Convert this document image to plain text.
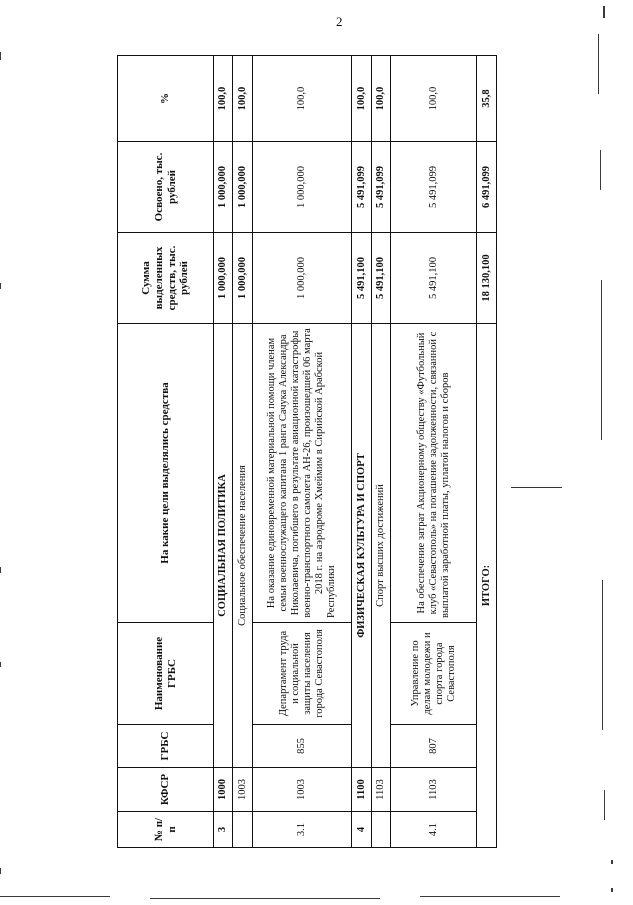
2
№ п/п	КФСР	ГРБС	Наименование ГРБС	На какие цели выделялись средства	Сумма выделенных средств, тыс. рублей	Освоено, тыс. рублей	%
3	1000	СОЦИАЛЬНАЯ ПОЛИТИКА			1 000,000	1 000,000	100,0
	1003	Социальное обеспечение населения			1 000,000	1 000,000	100,0
3.1	1003	855	Департамент труда и социальной защиты населения города Севастополя	На оказание единовременной материальной помощи членам семьи военнослужащего капитана 1 ранга Сачука Александра Николаевича, погибшего в результате авиационной катастрофы военно-транспортного самолета АН-26, произошедшей 06 марта 2018 г. на аэродроме Хмеймим в Сирийской Арабской Республики	1 000,000	1 000,000	100,0
4	1100	ФИЗИЧЕСКАЯ КУЛЬТУРА И СПОРТ			5 491,100	5 491,099	100,0
	1103	Спорт высших достижений			5 491,100	5 491,099	100,0
4.1	1103	807	Управление по делам молодежи и спорта города Севастополя	На обеспечение затрат Акционерному обществу «Футбольный клуб «Севастополь» на погашение задолженности, связанной с выплатой заработной платы, уплатой налогов и сборов	5 491,100	5 491,099	100,0
ИТОГО:					18 130,100	6 491,099	35,8
